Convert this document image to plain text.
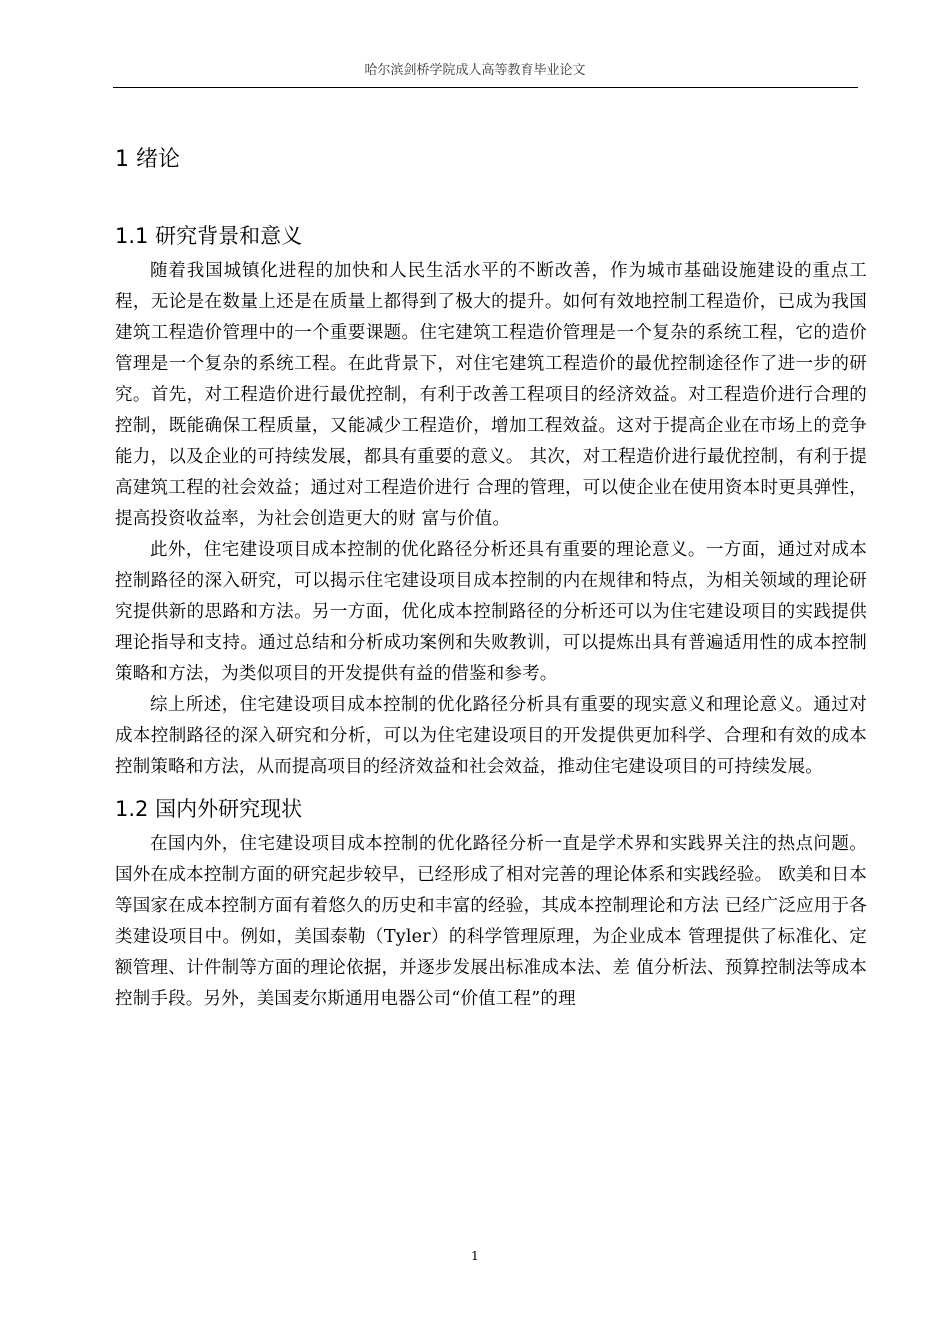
哈尔滨剑桥学院成人高等教育毕业论文
1 绪论
1.1 研究背景和意义

随着我国城镇化进程的加快和人民生活水平的不断改善，作为城市基础设施建设的重点工程，无论是在数量上还是在质量上都得到了极大的提升。如何有效地控制工程造价，已成为我国建筑工程造价管理中的一个重要课题。住宅建筑工程造价管理是一个复杂的系统工程，它的造价管理是一个复杂的系统工程。在此背景下，对住宅建筑工程造价的最优控制途径作了进一步的研究。首先，对工程造价进行最优控制，有利于改善工程项目的经济效益。对工程造价进行合理的控制，既能确保工程质量，又能减少工程造价，增加工程效益。这对于提高企业在市场上的竞争能力，以及企业的可持续发展，都具有重要的意义。 其次，对工程造价进行最优控制，有利于提高建筑工程的社会效益；通过对工程造价进行 合理的管理，可以使企业在使用资本时更具弹性，提高投资收益率，为社会创造更大的财 富与价值。

此外，住宅建设项目成本控制的优化路径分析还具有重要的理论意义。一方面，通过对成本控制路径的深入研究，可以揭示住宅建设项目成本控制的内在规律和特点，为相关领域的理论研究提供新的思路和方法。另一方面，优化成本控制路径的分析还可以为住宅建设项目的实践提供理论指导和支持。通过总结和分析成功案例和失败教训，可以提炼出具有普遍适用性的成本控制策略和方法，为类似项目的开发提供有益的借鉴和参考。

综上所述，住宅建设项目成本控制的优化路径分析具有重要的现实意义和理论意义。通过对成本控制路径的深入研究和分析，可以为住宅建设项目的开发提供更加科学、合理和有效的成本控制策略和方法，从而提高项目的经济效益和社会效益，推动住宅建设项目的可持续发展。

1.2 国内外研究现状

在国内外，住宅建设项目成本控制的优化路径分析一直是学术界和实践界关注的热点问题。国外在成本控制方面的研究起步较早，已经形成了相对完善的理论体系和实践经验。 欧美和日本等国家在成本控制方面有着悠久的历史和丰富的经验，其成本控制理论和方法 已经广泛应用于各类建设项目中。例如，美国泰勒（Tyler）的科学管理原理，为企业成本 管理提供了标准化、定额管理、计件制等方面的理论依据，并逐步发展出标准成本法、差 值分析法、预算控制法等成本控制手段。另外，美国麦尔斯通用电器公司“价值工程”的理

1
